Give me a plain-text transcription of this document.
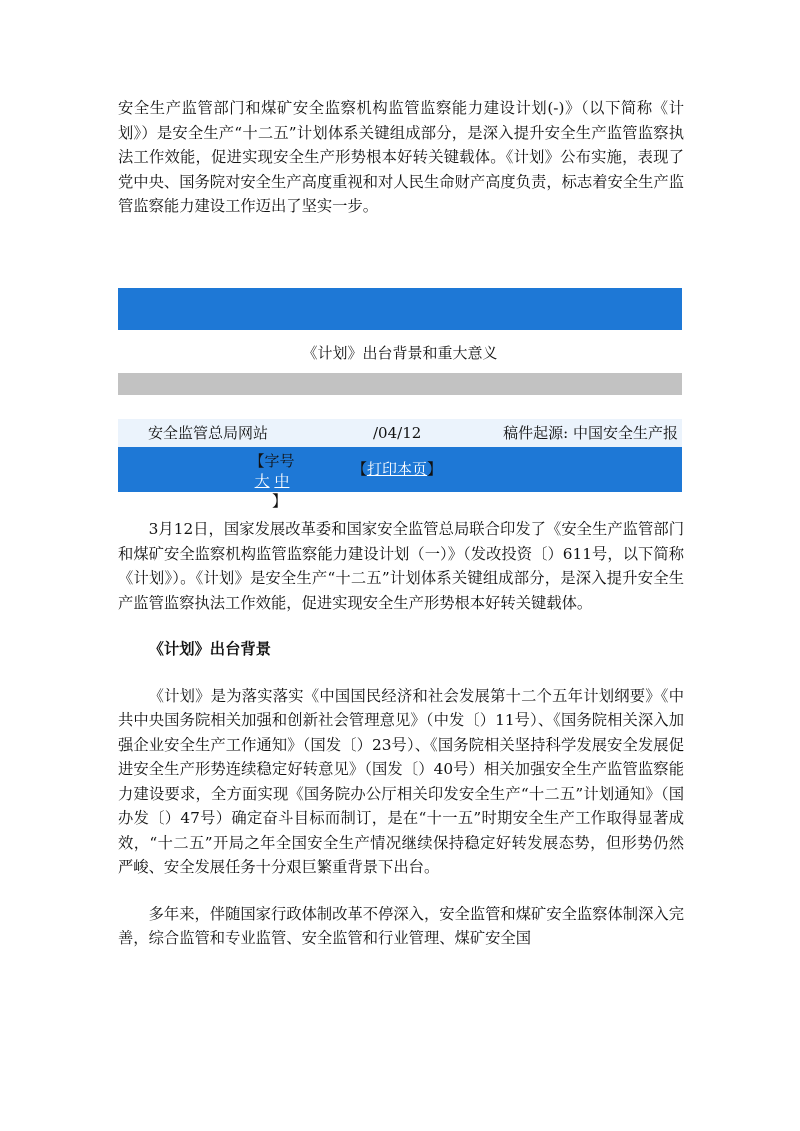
安全生产监管部门和煤矿安全监察机构监管监察能力建设计划(-)》（以下简称《计划》）是安全生产“十二五”计划体系关键组成部分，是深入提升安全生产监管监察执法工作效能，促进实现安全生产形势根本好转关键载体。《计划》公布实施，表现了党中央、国务院对安全生产高度重视和对人民生命财产高度负责，标志着安全生产监管监察能力建设工作迈出了坚实一步。

《计划》出台背景和重大意义

安全监管总局网站	/04/12	稿件起源: 中国安全生产报
【字号 大 中
小】
【打印本页】

3月12日，国家发展改革委和国家安全监管总局联合印发了《安全生产监管部门和煤矿安全监察机构监管监察能力建设计划（一）》（发改投资〔）611号，以下简称《计划》）。《计划》是安全生产“十二五”计划体系关键组成部分，是深入提升安全生产监管监察执法工作效能，促进实现安全生产形势根本好转关键载体。

《计划》出台背景

《计划》是为落实落实《中国国民经济和社会发展第十二个五年计划纲要》《中共中央国务院相关加强和创新社会管理意见》（中发〔）11号）、《国务院相关深入加强企业安全生产工作通知》（国发〔）23号）、《国务院相关坚持科学发展安全发展促进安全生产形势连续稳定好转意见》（国发〔）40号）相关加强安全生产监管监察能力建设要求，全方面实现《国务院办公厅相关印发安全生产“十二五”计划通知》（国办发〔）47号）确定奋斗目标而制订，是在“十一五”时期安全生产工作取得显著成效，“十二五”开局之年全国安全生产情况继续保持稳定好转发展态势，但形势仍然严峻、安全发展任务十分艰巨繁重背景下出台。

多年来，伴随国家行政体制改革不停深入，安全监管和煤矿安全监察体制深入完善，综合监管和专业监管、安全监管和行业管理、煤矿安全国
